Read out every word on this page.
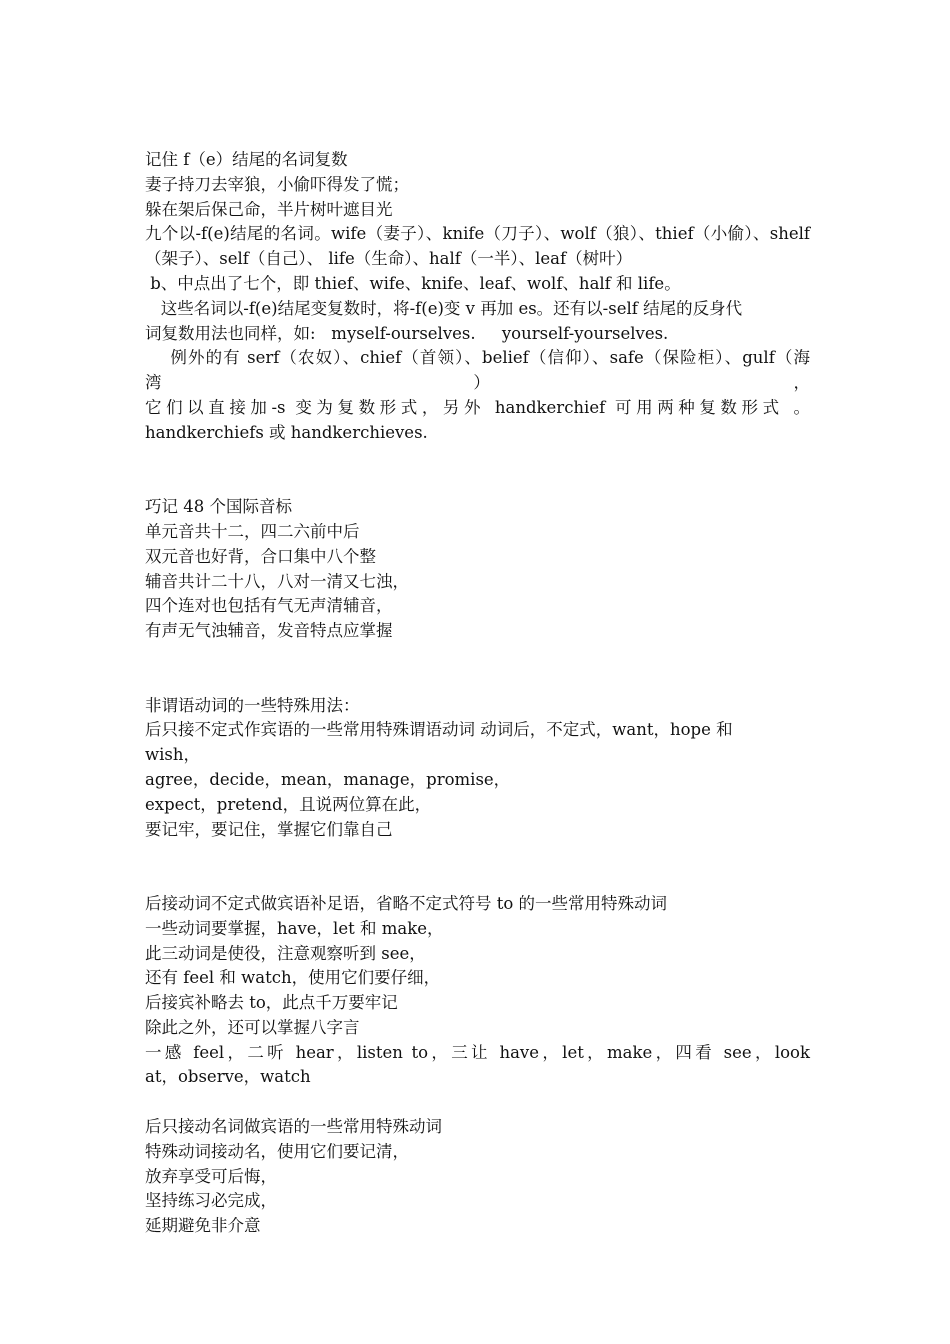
记住 f（e）结尾的名词复数
妻子持刀去宰狼，小偷吓得发了慌；
躲在架后保己命，半片树叶遮目光
九个以-f(e)结尾的名词。wife（妻子）、knife（刀子）、wolf（狼）、thief（小偷）、shelf
（架子）、self（自己）、 life（生命）、half（一半）、leaf（树叶）
b、中点出了七个，即 thief、wife、knife、leaf、wolf、half 和 life。
这些名词以-f(e)结尾变复数时，将-f(e)变 v 再加 es。还有以-self 结尾的反身代
词复数用法也同样，如:   myself-ourselves.     yourself-yourselves.
例外的有 serf（农奴）、chief（首领）、belief（信仰）、safe（保险柜）、gulf（海湾），
它们以直接加-s 变为复数形式，另外 handkerchief 可用两种复数形式 。
handkerchiefs 或 handkerchieves.
巧记 48 个国际音标
单元音共十二，四二六前中后
双元音也好背，合口集中八个整
辅音共计二十八，八对一清又七浊，
四个连对也包括有气无声清辅音，
有声无气浊辅音，发音特点应掌握
非谓语动词的一些特殊用法：
后只接不定式作宾语的一些常用特殊谓语动词 动词后，不定式，want，hope 和
wish，
agree，decide，mean，manage，promise，
expect，pretend，且说两位算在此，
要记牢，要记住，掌握它们靠自己
后接动词不定式做宾语补足语，省略不定式符号 to 的一些常用特殊动词
一些动词要掌握，have，let 和 make，
此三动词是使役，注意观察听到 see，
还有 feel 和 watch，使用它们要仔细，
后接宾补略去 to，此点千万要牢记
除此之外，还可以掌握八字言
一感 feel，二听 hear，listen to，三让 have，let，make，四看 see，look
at，observe，watch
后只接动名词做宾语的一些常用特殊动词
特殊动词接动名，使用它们要记清，
放弃享受可后悔，
坚持练习必完成，
延期避免非介意
